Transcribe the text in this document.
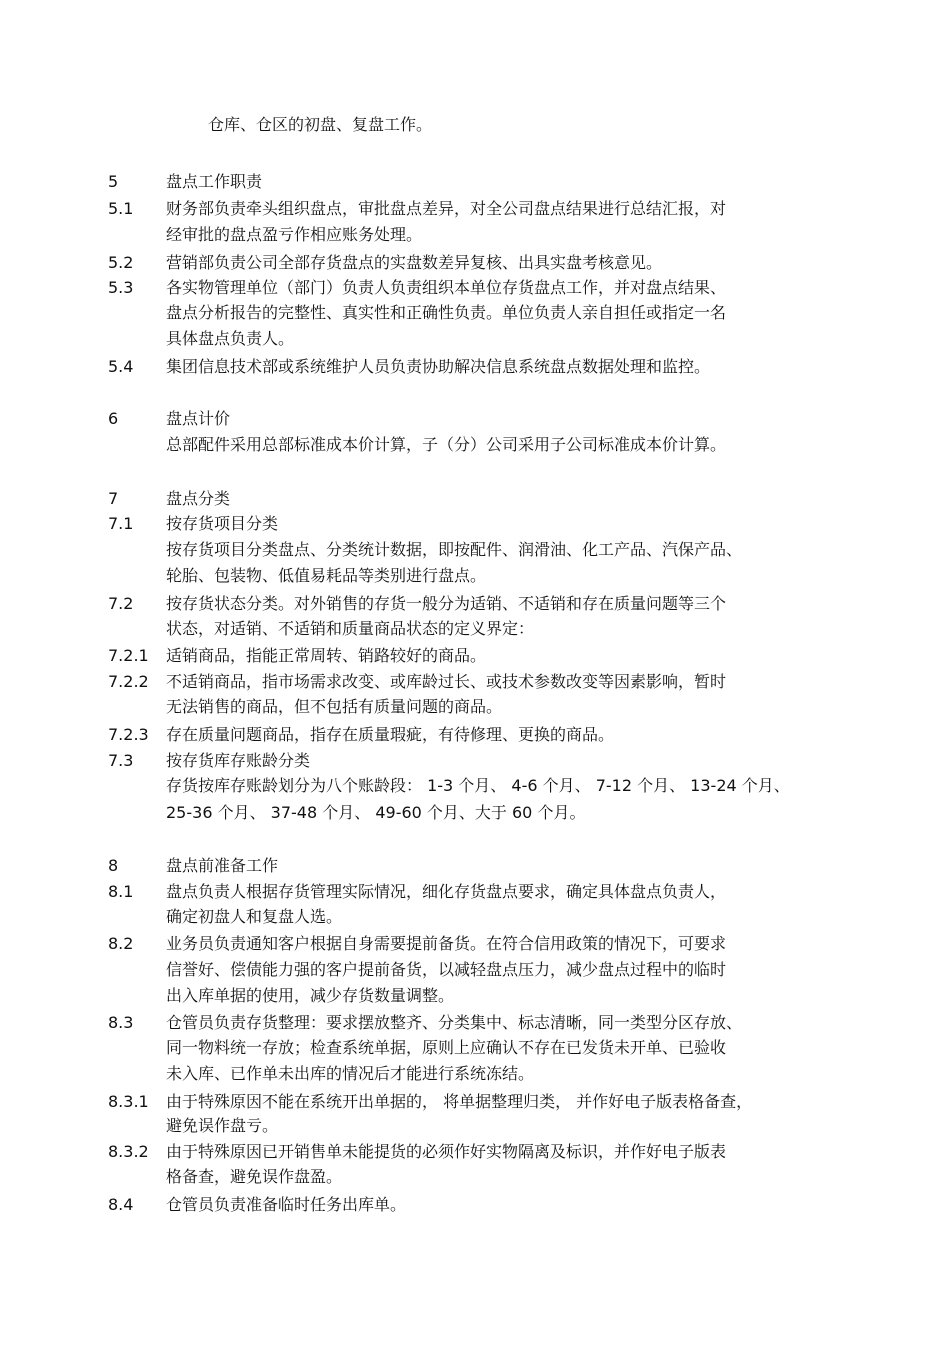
仓库、仓区的初盘、复盘工作。
5	盘点工作职责
5.1 财务部负责牵头组织盘点，审批盘点差异，对全公司盘点结果进行总结汇报，对
经审批的盘点盈亏作相应账务处理。
5.2 营销部负责公司全部存货盘点的实盘数差异复核、出具实盘考核意见。
5.3 各实物管理单位（部门）负责人负责组织本单位存货盘点工作，并对盘点结果、
盘点分析报告的完整性、真实性和正确性负责。单位负责人亲自担任或指定一名
具体盘点负责人。
5.4 集团信息技术部或系统维护人员负责协助解决信息系统盘点数据处理和监控。
6	盘点计价
总部配件采用总部标准成本价计算，子（分）公司采用子公司标准成本价计算。
7	盘点分类
7.1 按存货项目分类
按存货项目分类盘点、分类统计数据，即按配件、润滑油、化工产品、汽保产品、
轮胎、包装物、低值易耗品等类别进行盘点。
7.2 按存货状态分类。对外销售的存货一般分为适销、不适销和存在质量问题等三个
状态，对适销、不适销和质量商品状态的定义界定：
7.2.1 适销商品，指能正常周转、销路较好的商品。
7.2.2 不适销商品，指市场需求改变、或库龄过长、或技术参数改变等因素影响，暂时
无法销售的商品，但不包括有质量问题的商品。
7.2.3 存在质量问题商品，指存在质量瑕疵，有待修理、更换的商品。
7.3 按存货库存账龄分类
存货按库存账龄划分为八个账龄段： 1-3 个月、 4-6 个月、 7-12 个月、 13-24 个月、
25-36 个月、 37-48 个月、 49-60 个月、大于 60 个月。
8	盘点前准备工作
8.1 盘点负责人根据存货管理实际情况，细化存货盘点要求，确定具体盘点负责人，
确定初盘人和复盘人选。
8.2 业务员负责通知客户根据自身需要提前备货。在符合信用政策的情况下，可要求
信誉好、偿债能力强的客户提前备货，以减轻盘点压力，减少盘点过程中的临时
出入库单据的使用，减少存货数量调整。
8.3 仓管员负责存货整理：要求摆放整齐、分类集中、标志清晰，同一类型分区存放、
同一物料统一存放；检查系统单据，原则上应确认不存在已发货未开单、已验收
未入库、已作单未出库的情况后才能进行系统冻结。
8.3.1 由于特殊原因不能在系统开出单据的， 将单据整理归类， 并作好电子版表格备查，
避免误作盘亏。
8.3.2 由于特殊原因已开销售单未能提货的必须作好实物隔离及标识，并作好电子版表
格备查，避免误作盘盈。
8.4 仓管员负责准备临时任务出库单。
